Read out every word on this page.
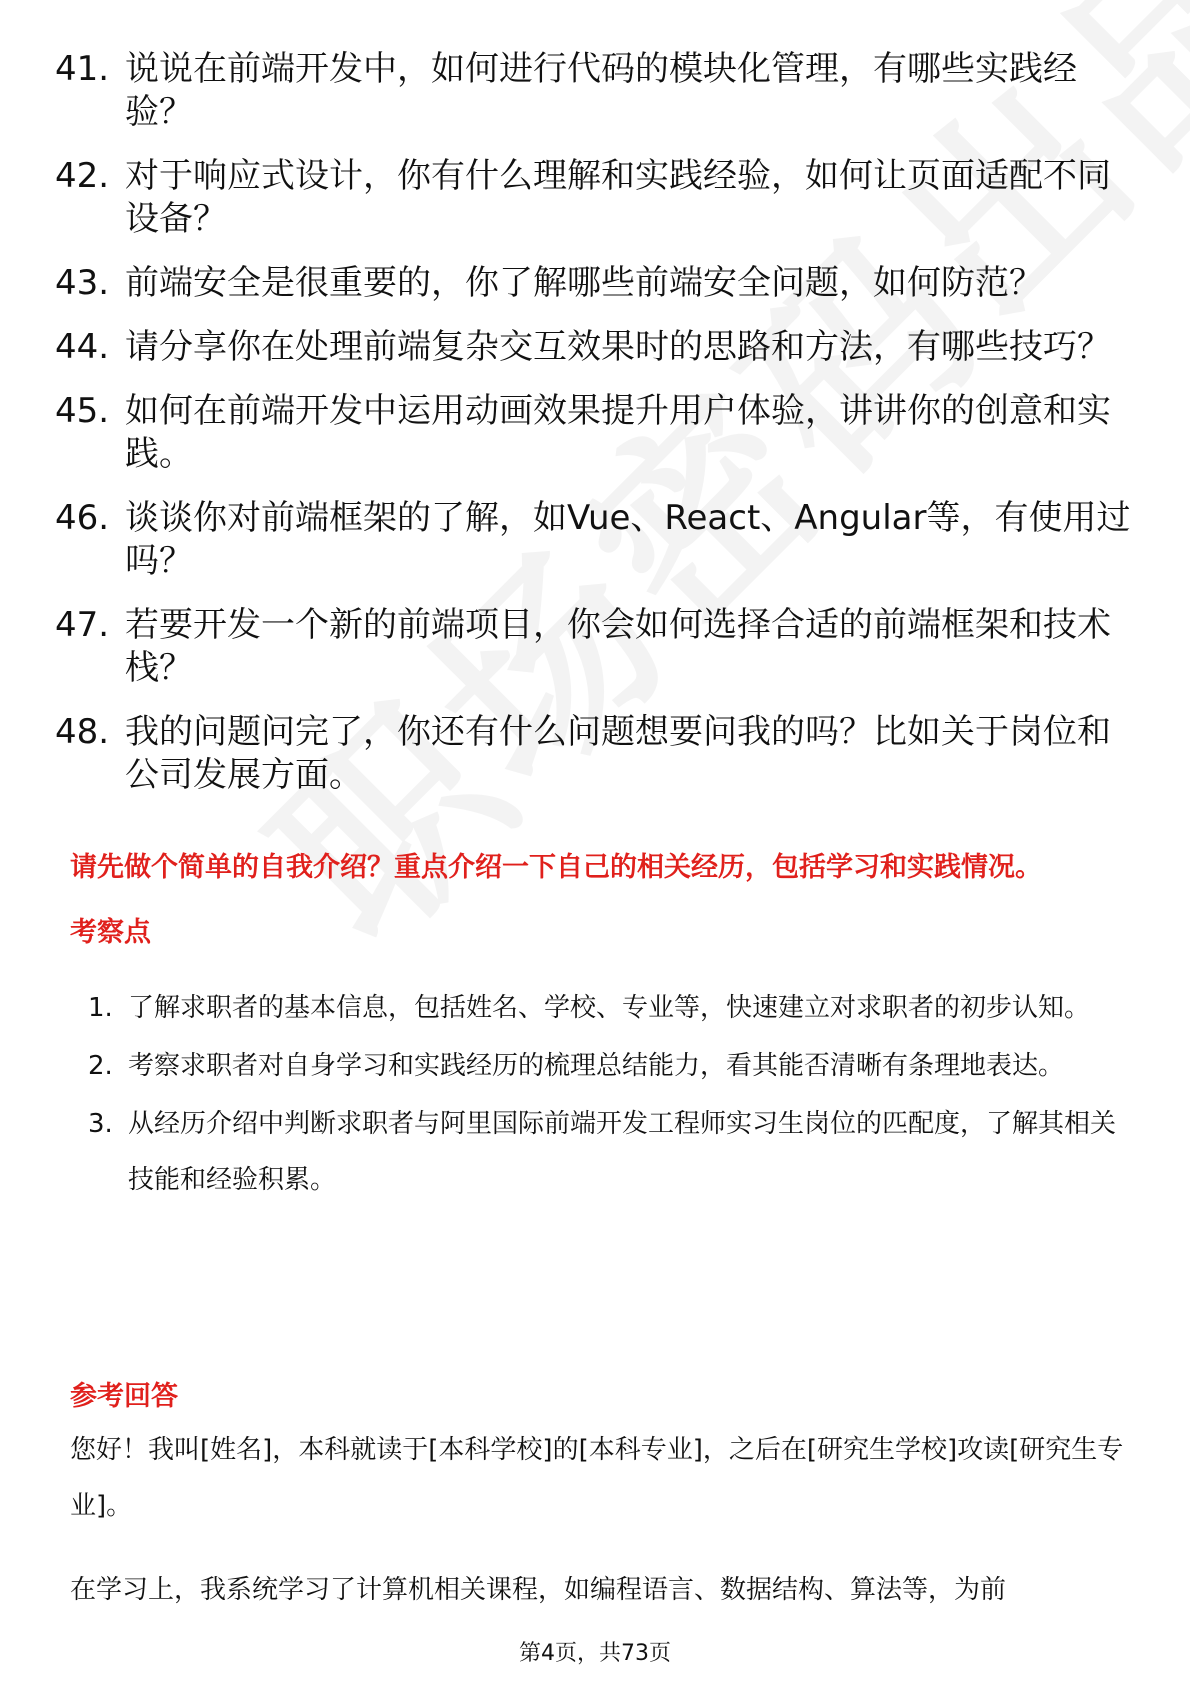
41. 说说在前端开发中，如何进行代码的模块化管理，有哪些实践经验？
42. 对于响应式设计，你有什么理解和实践经验，如何让页面适配不同设备？
43. 前端安全是很重要的，你了解哪些前端安全问题，如何防范？
44. 请分享你在处理前端复杂交互效果时的思路和方法，有哪些技巧？
45. 如何在前端开发中运用动画效果提升用户体验，讲讲你的创意和实践。
46. 谈谈你对前端框架的了解，如Vue、React、Angular等，有使用过吗？
47. 若要开发一个新的前端项目，你会如何选择合适的前端框架和技术栈？
48. 我的问题问完了，你还有什么问题想要问我的吗？比如关于岗位和公司发展方面。
请先做个简单的自我介绍？重点介绍一下自己的相关经历，包括学习和实践情况。
考察点
1. 了解求职者的基本信息，包括姓名、学校、专业等，快速建立对求职者的初步认知。
2. 考察求职者对自身学习和实践经历的梳理总结能力，看其能否清晰有条理地表达。
3. 从经历介绍中判断求职者与阿里国际前端开发工程师实习生岗位的匹配度，了解其相关技能和经验积累。
参考回答
您好！我叫[姓名]，本科就读于[本科学校]的[本科专业]，之后在[研究生学校]攻读[研究生专业]。
在学习上，我系统学习了计算机相关课程，如编程语言、数据结构、算法等，为前
第4页，共73页
